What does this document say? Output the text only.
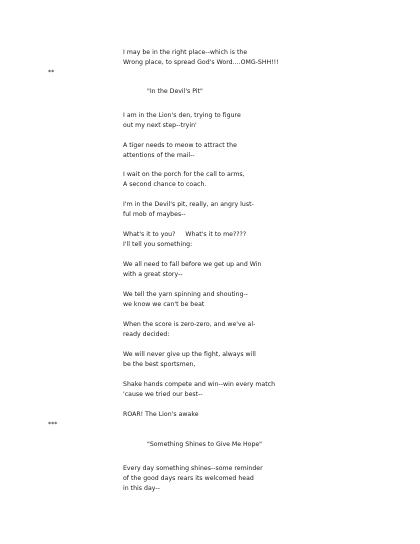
I may be in the right place--which is the
Wrong place, to spread God's Word....OMG-SHH!!!
**
"In the Devil's Pit"
I am in the Lion's den, trying to figure
out my next step--tryin'
A tiger needs to meow to attract the
attentions of the mail--
I wait on the porch for the call to arms,
A second chance to coach.
I'm in the Devil's pit, really, an angry lust-
ful mob of maybes--
What's it to you?     What's it to me????
I'll tell you something:
We all need to fall before we get up and Win
with a great story--
We tell the yarn spinning and shouting--
we know we can't be beat
When the score is zero-zero, and we've al-
ready decided:
We will never give up the fight, always will
be the best sportsmen,
Shake hands compete and win--win every match
'cause we tried our best--
ROAR! The Lion's awake
***
"Something Shines to Give Me Hope"
Every day something shines--some reminder
of the good days rears its welcomed head
in this day--
